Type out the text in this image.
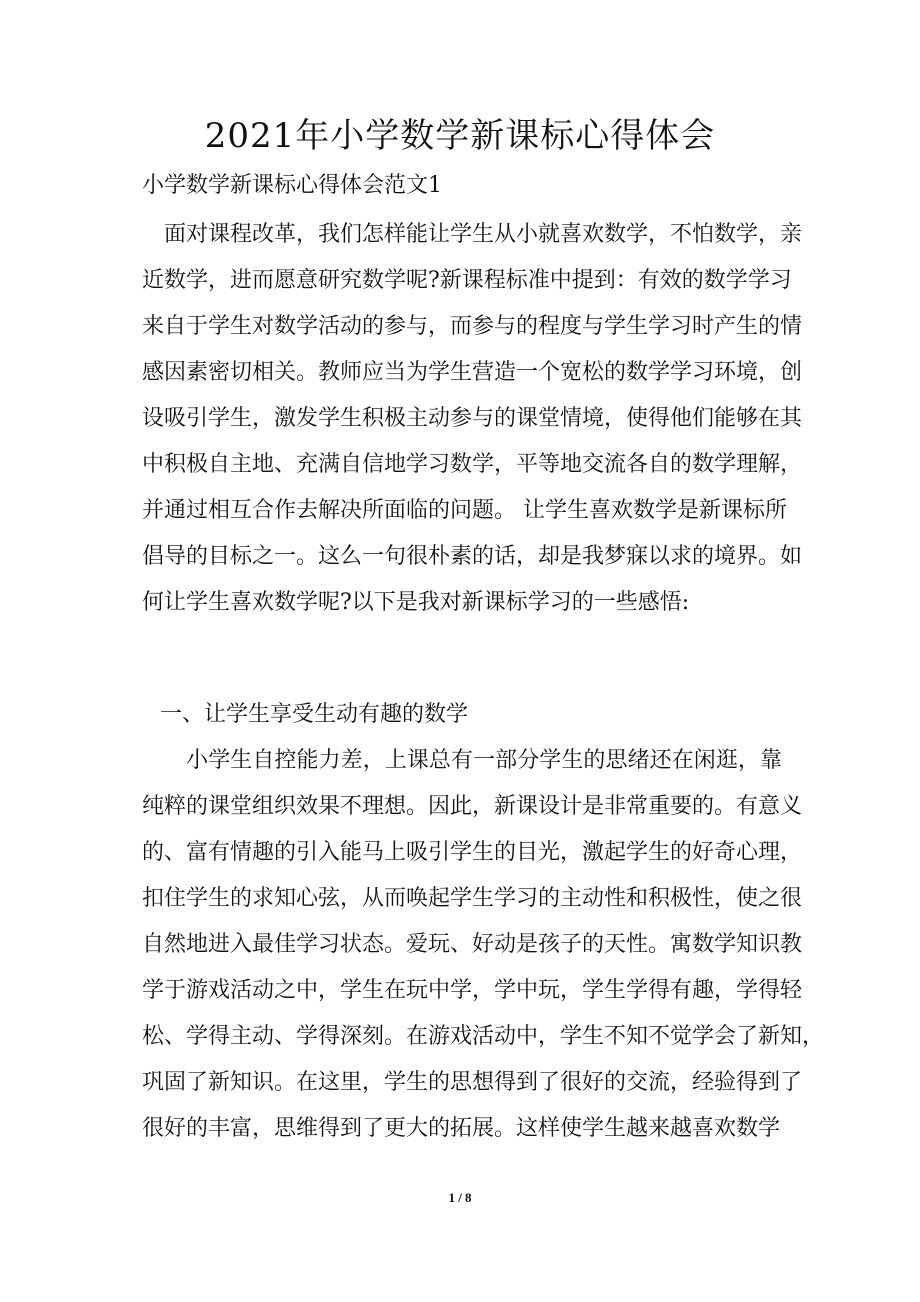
2021年小学数学新课标心得体会

小学数学新课标心得体会范文1

　面对课程改革，我们怎样能让学生从小就喜欢数学，不怕数学，亲
近数学，进而愿意研究数学呢?新课程标准中提到：有效的数学学习
来自于学生对数学活动的参与，而参与的程度与学生学习时产生的情
感因素密切相关。教师应当为学生营造一个宽松的数学学习环境，创
设吸引学生，激发学生积极主动参与的课堂情境，使得他们能够在其
中积极自主地、充满自信地学习数学，平等地交流各自的数学理解，
并通过相互合作去解决所面临的问题。 让学生喜欢数学是新课标所
倡导的目标之一。这么一句很朴素的话，却是我梦寐以求的境界。如
何让学生喜欢数学呢?以下是我对新课标学习的一些感悟:

一、让学生享受生动有趣的数学

　　小学生自控能力差，上课总有一部分学生的思绪还在闲逛，靠
纯粹的课堂组织效果不理想。因此，新课设计是非常重要的。有意义
的、富有情趣的引入能马上吸引学生的目光，激起学生的好奇心理，
扣住学生的求知心弦，从而唤起学生学习的主动性和积极性，使之很
自然地进入最佳学习状态。爱玩、好动是孩子的天性。寓数学知识教
学于游戏活动之中，学生在玩中学，学中玩，学生学得有趣，学得轻
松、学得主动、学得深刻。在游戏活动中，学生不知不觉学会了新知，
巩固了新知识。在这里，学生的思想得到了很好的交流，经验得到了
很好的丰富，思维得到了更大的拓展。这样使学生越来越喜欢数学
1 / 8
